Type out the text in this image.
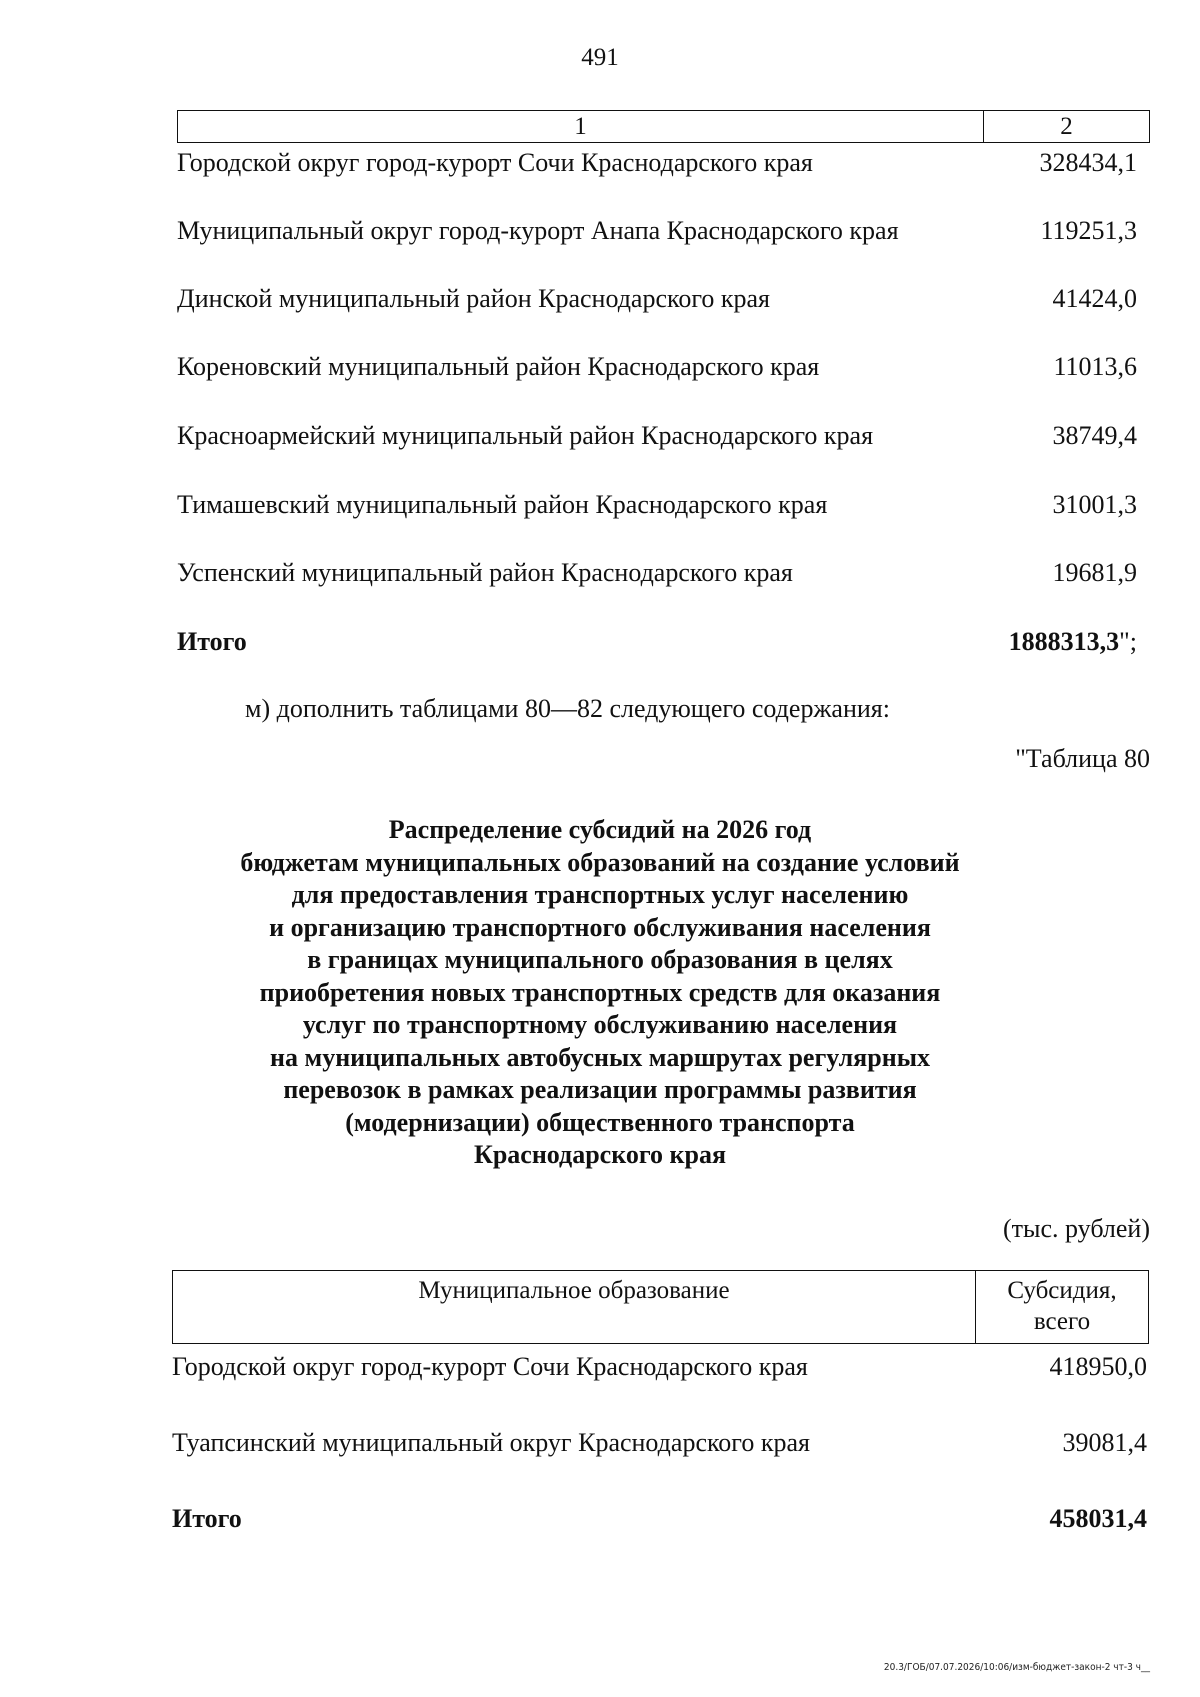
491
1	2
Городской округ город-курорт Сочи Краснодарского края	328434,1
Муниципальный округ город-курорт Анапа Краснодарского края	119251,3
Динской муниципальный район Краснодарского края	41424,0
Кореновский муниципальный район Краснодарского края	11013,6
Красноармейский муниципальный район Краснодарского края	38749,4
Тимашевский муниципальный район Краснодарского края	31001,3
Успенский муниципальный район Краснодарского края	19681,9
Итого	1888313,3";
м) дополнить таблицами 80—82 следующего содержания:
"Таблица 80
Распределение субсидий на 2026 год
бюджетам муниципальных образований на создание условий
для предоставления транспортных услуг населению
и организацию транспортного обслуживания населения
в границах муниципального образования в целях
приобретения новых транспортных средств для оказания
услуг по транспортному обслуживанию населения
на муниципальных автобусных маршрутах регулярных
перевозок в рамках реализации программы развития
(модернизации) общественного транспорта
Краснодарского края
(тыс. рублей)
Муниципальное образование	Субсидия,
всего
Городской округ город-курорт Сочи Краснодарского края	418950,0
Туапсинский муниципальный округ Краснодарского края	39081,4
Итого	458031,4
20.3/ГОБ/07.07.2026/10:06/изм-бюджет-закон-2 чт-3 ч__
